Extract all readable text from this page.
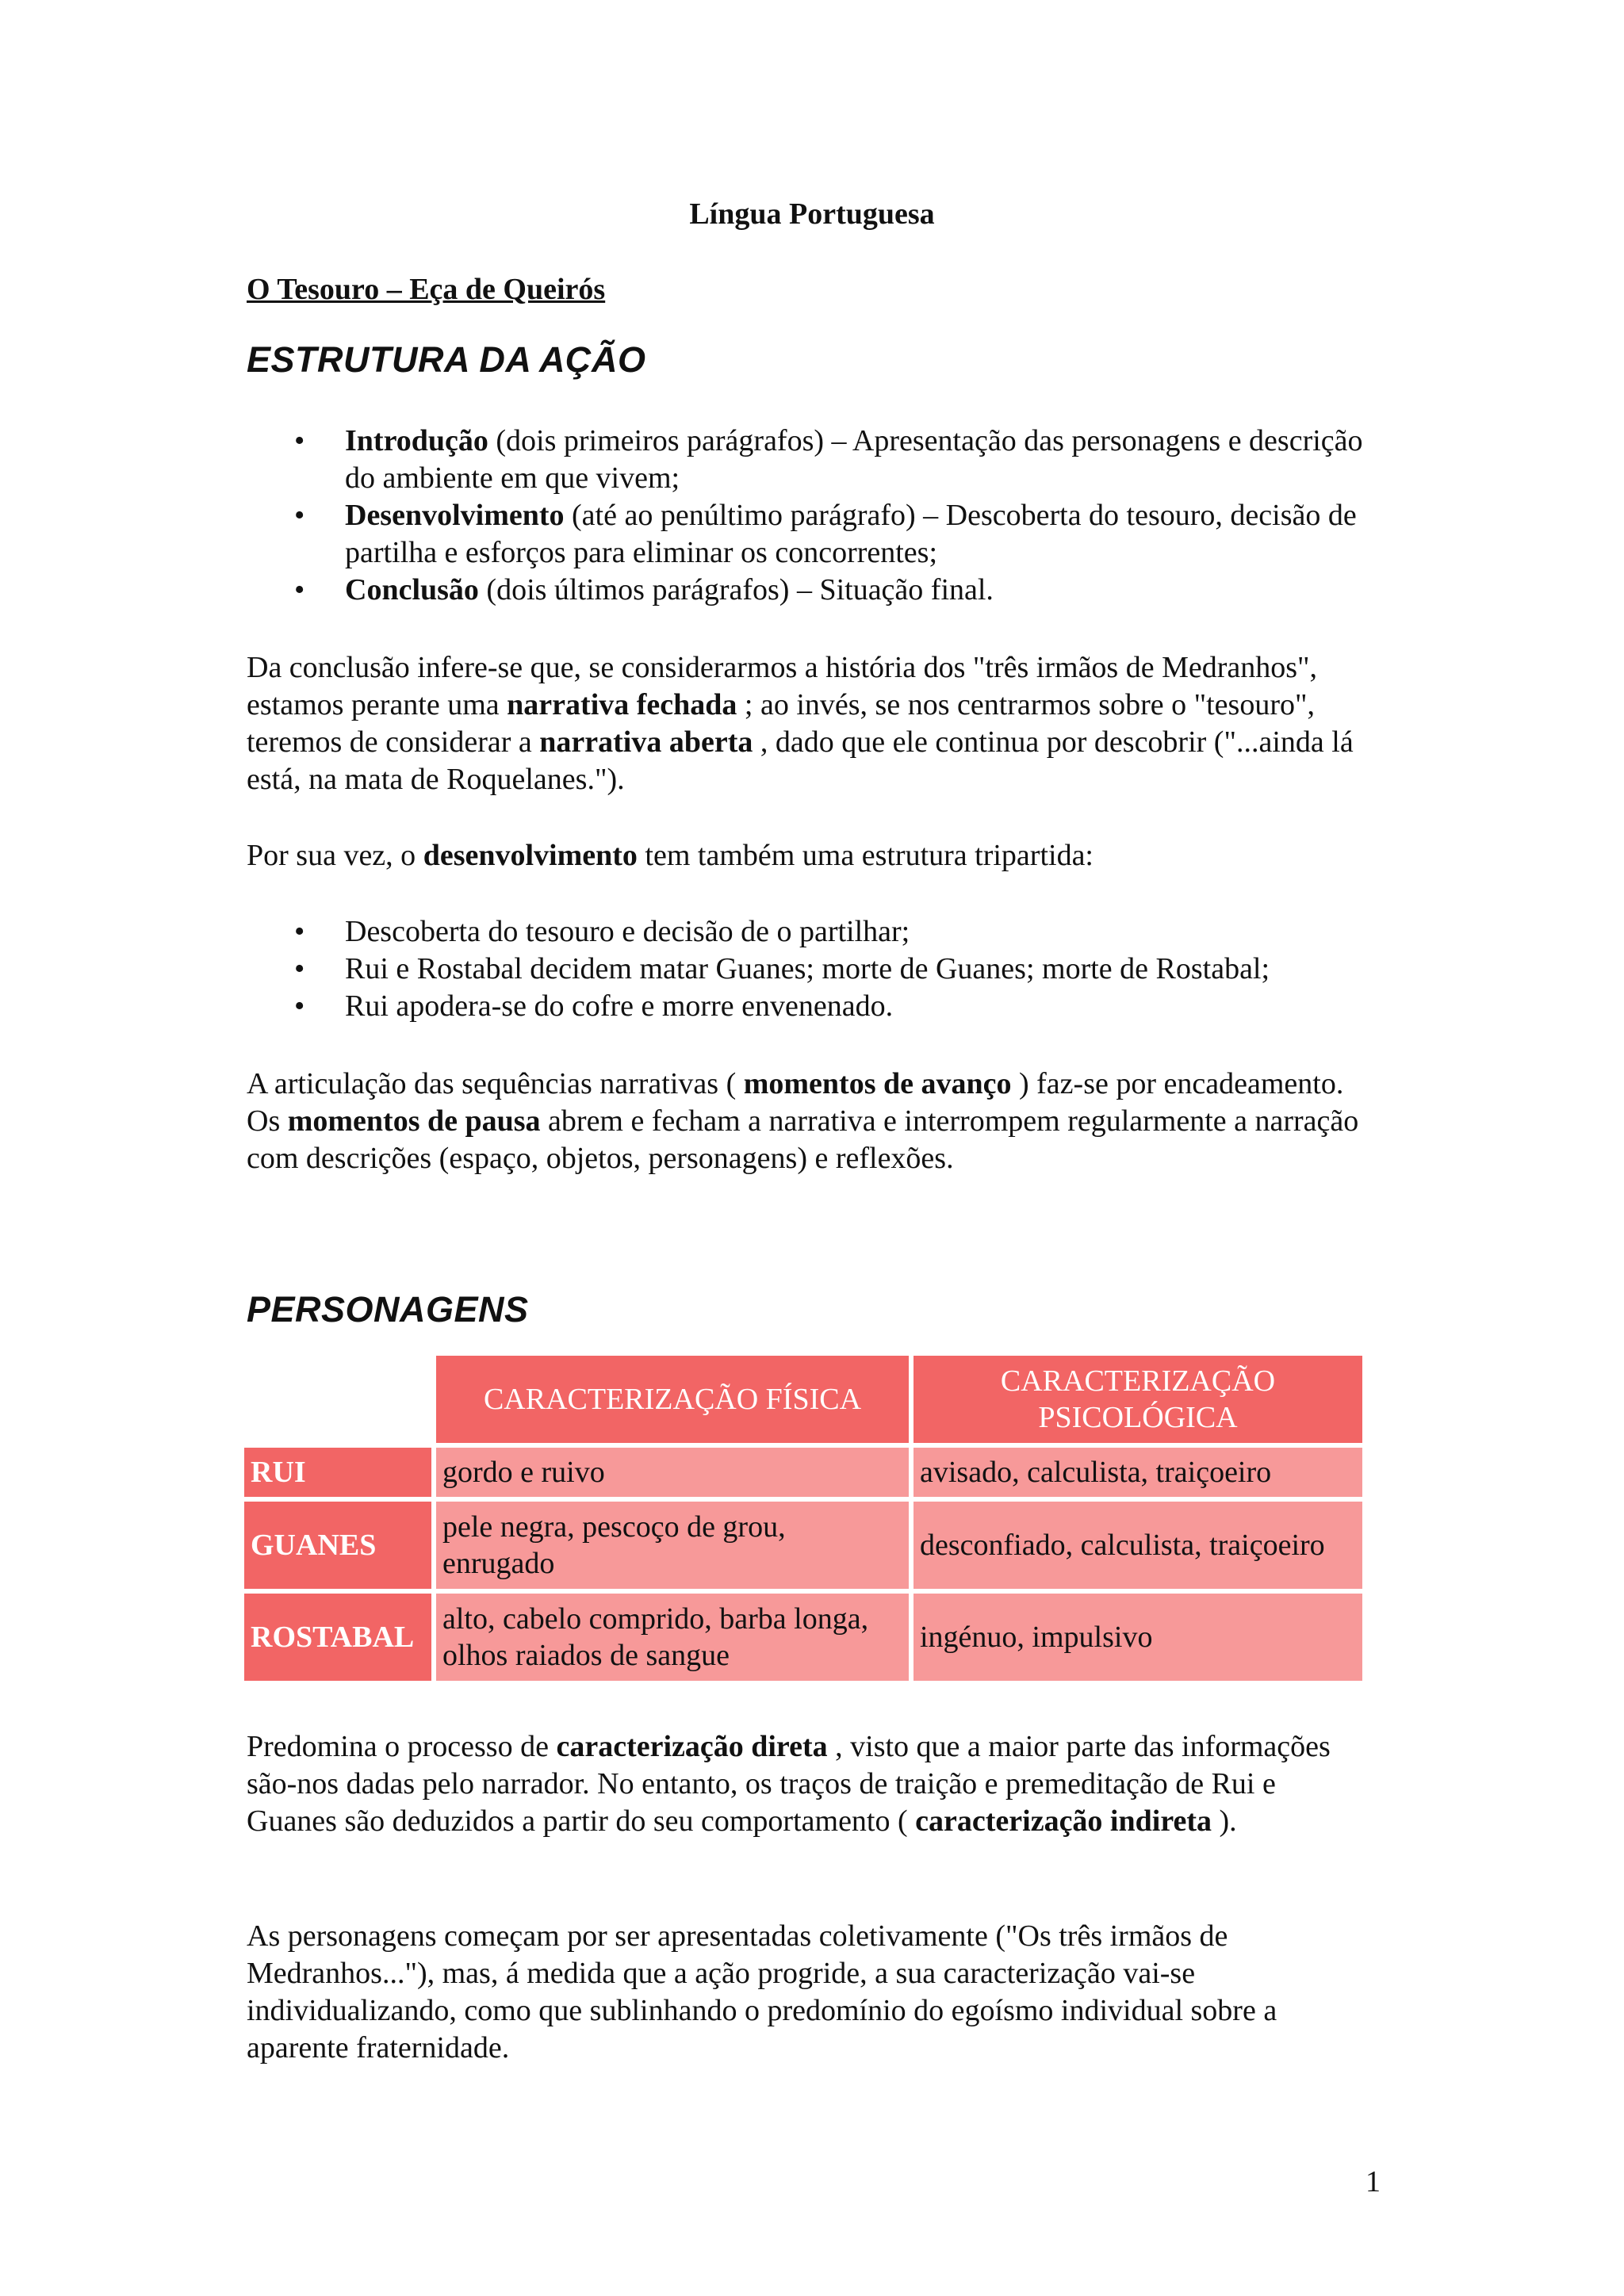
Língua Portuguesa
O Tesouro – Eça de Queirós
ESTRUTURA DA AÇÃO
• Introdução (dois primeiros parágrafos) – Apresentação das personagens e descrição do ambiente em que vivem;
• Desenvolvimento (até ao penúltimo parágrafo) – Descoberta do tesouro, decisão de partilha e esforços para eliminar os concorrentes;
• Conclusão (dois últimos parágrafos) – Situação final.
Da conclusão infere-se que, se considerarmos a história dos "três irmãos de Medranhos", estamos perante uma narrativa fechada ; ao invés, se nos centrarmos sobre o "tesouro", teremos de considerar a narrativa aberta , dado que ele continua por descobrir ("...ainda lá está, na mata de Roquelanes.").
Por sua vez, o desenvolvimento tem também uma estrutura tripartida:
• Descoberta do tesouro e decisão de o partilhar;
• Rui e Rostabal decidem matar Guanes; morte de Guanes; morte de Rostabal;
• Rui apodera-se do cofre e morre envenenado.
A articulação das sequências narrativas ( momentos de avanço ) faz-se por encadeamento. Os momentos de pausa abrem e fecham a narrativa e interrompem regularmente a narração com descrições (espaço, objetos, personagens) e reflexões.
PERSONAGENS
	CARACTERIZAÇÃO FÍSICA	CARACTERIZAÇÃO PSICOLÓGICA
RUI	gordo e ruivo	avisado, calculista, traiçoeiro
GUANES	pele negra, pescoço de grou, enrugado	desconfiado, calculista, traiçoeiro
ROSTABAL	alto, cabelo comprido, barba longa, olhos raiados de sangue	ingénuo, impulsivo
Predomina o processo de caracterização direta , visto que a maior parte das informações são-nos dadas pelo narrador. No entanto, os traços de traição e premeditação de Rui e Guanes são deduzidos a partir do seu comportamento ( caracterização indireta ).
As personagens começam por ser apresentadas coletivamente ("Os três irmãos de Medranhos..."), mas, á medida que a ação progride, a sua caracterização vai-se individualizando, como que sublinhando o predomínio do egoísmo individual sobre a aparente fraternidade.
1
